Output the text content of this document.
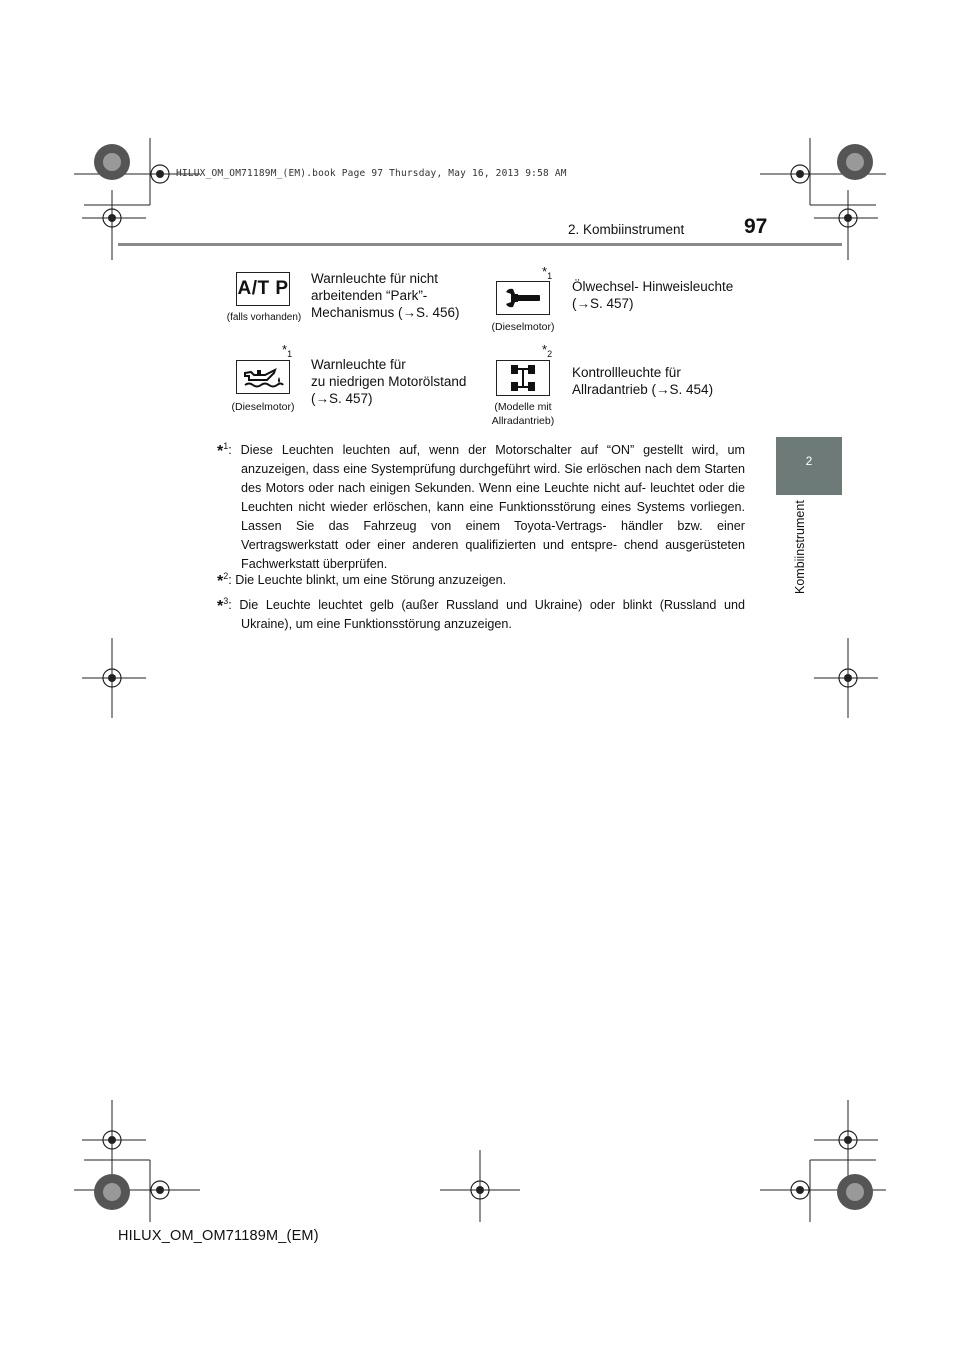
HILUX_OM_OM71189M_(EM).book Page 97 Thursday, May 16, 2013 9:58 AM
2. Kombiinstrument	97
2
Kombiinstrument
A/T P
(falls vorhanden)
Warnleuchte für nicht
arbeitenden “Park”-
Mechanismus (→S. 456)
$*_1$
(Dieselmotor)
Ölwechsel- Hinweisleuchte
(→S. 457)
$*_1$
(Dieselmotor)
Warnleuchte für
zu niedrigen Motorölstand
(→S. 457)
$*_2$
(Modelle mit
Allradantrieb)
Kontrollleuchte für
Allradantrieb (→S. 454)
*$^1$: Diese Leuchten leuchten auf, wenn der Motorschalter auf “ON” gestellt wird, um anzuzeigen, dass eine Systemprüfung durchgeführt wird. Sie erlöschen nach dem Starten des Motors oder nach einigen Sekunden. Wenn eine Leuchte nicht auf- leuchtet oder die Leuchten nicht wieder erlöschen, kann eine Funktionsstörung eines Systems vorliegen. Lassen Sie das Fahrzeug von einem Toyota-Vertrags- händler bzw. einer Vertragswerkstatt oder einer anderen qualifizierten und entspre- chend ausgerüsteten Fachwerkstatt überprüfen.
*$^2$: Die Leuchte blinkt, um eine Störung anzuzeigen.
*$^3$: Die Leuchte leuchtet gelb (außer Russland und Ukraine) oder blinkt (Russland und Ukraine), um eine Funktionsstörung anzuzeigen.
HILUX_OM_OM71189M_(EM)
